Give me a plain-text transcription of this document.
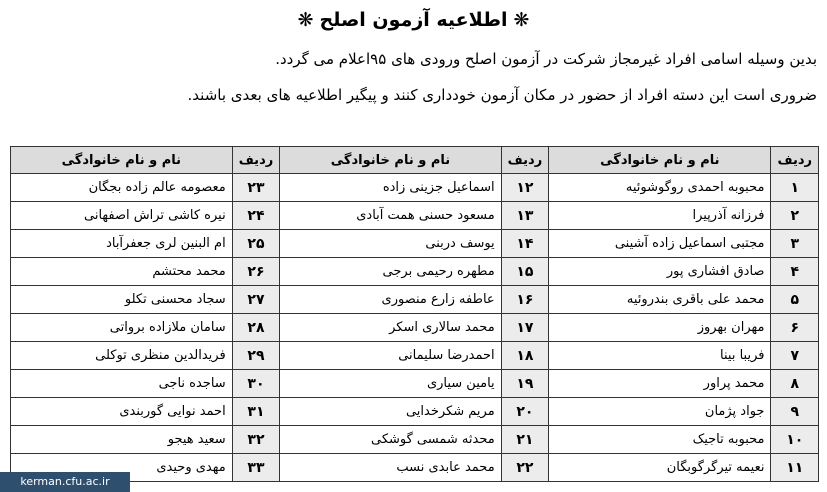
❋اطلاعیه آزمون اصلح❋
بدین وسیله اسامی افراد غیرمجاز شرکت در آزمون اصلح ورودی های ۹۵اعلام می گردد.
ضروری است این دسته افراد از حضور در مکان آزمون خودداری کنند و پیگیر اطلاعیه های بعدی باشند.
ردیف	نام و نام خانوادگی	ردیف	نام و نام خانوادگی	ردیف	نام و نام خانوادگی
۱	محبوبه احمدی روگوشوئیه	۱۲	اسماعیل جزینی زاده	۲۳	معصومه عالم زاده بجگان
۲	فرزانه آذرپیرا	۱۳	مسعود حسنی همت آبادی	۲۴	نیره کاشی تراش اصفهانی
۳	مجتبی اسماعیل زاده آشینی	۱۴	یوسف دربنی	۲۵	ام البنین لری جعفرآباد
۴	صادق افشاری پور	۱۵	مطهره رحیمی برجی	۲۶	محمد محتشم
۵	محمد علی باقری بندروئیه	۱۶	عاطفه زارع منصوری	۲۷	سجاد محسنی تکلو
۶	مهران بهروز	۱۷	محمد سالاری اسکر	۲۸	سامان ملازاده برواتی
۷	فریبا بینا	۱۸	احمدرضا سلیمانی	۲۹	فریدالدین منظری توکلی
۸	محمد پراور	۱۹	یامین سیاری	۳۰	ساجده ناجی
۹	جواد پژمان	۲۰	مریم شکرخدایی	۳۱	احمد نوایی گوربندی
۱۰	محبوبه تاجیک	۲۱	محدثه شمسی گوشکی	۳۲	سعید هیجو
۱۱	نعیمه تیرگرگوبگان	۲۲	محمد عابدی نسب	۳۳	مهدی وحیدی
kerman.cfu.ac.ir
